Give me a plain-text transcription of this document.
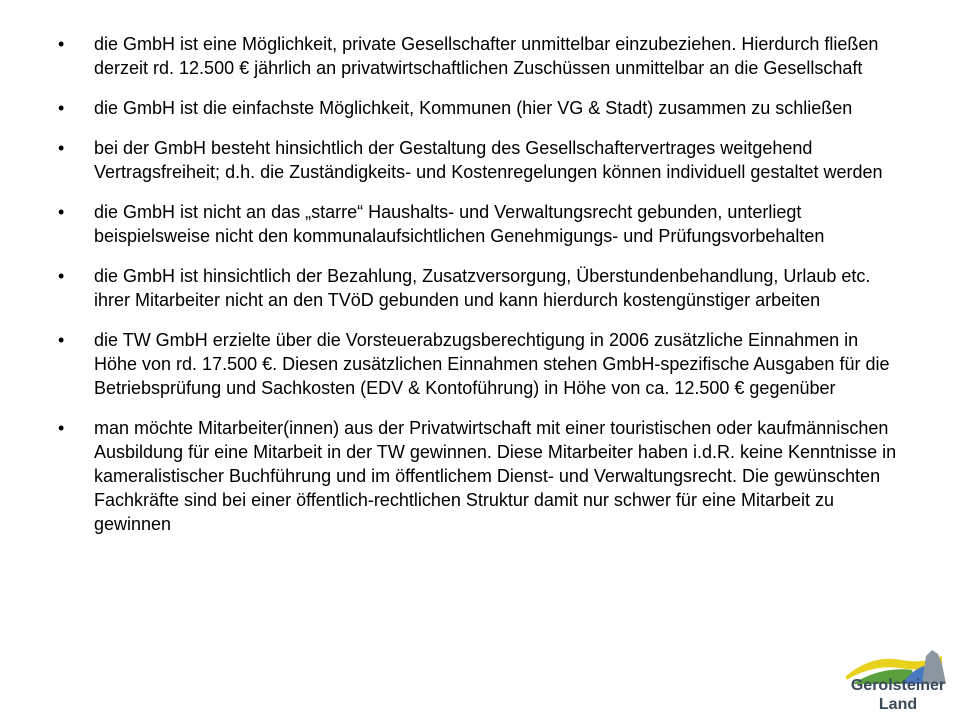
• die GmbH ist eine Möglichkeit, private Gesellschafter unmittelbar einzubeziehen. Hierdurch fließen derzeit rd. 12.500 € jährlich an privatwirtschaftlichen Zuschüssen unmittelbar an die Gesellschaft
• die GmbH ist die einfachste Möglichkeit, Kommunen (hier VG & Stadt) zusammen zu schließen
• bei der GmbH besteht hinsichtlich der Gestaltung des Gesellschaftervertrages weitgehend Vertragsfreiheit; d.h. die Zuständigkeits- und Kostenregelungen können individuell gestaltet werden
• die GmbH ist nicht an das „starre“ Haushalts- und Verwaltungsrecht gebunden, unterliegt beispielsweise nicht den kommunalaufsichtlichen Genehmigungs- und Prüfungsvorbehalten
• die GmbH ist hinsichtlich der Bezahlung, Zusatzversorgung, Überstundenbehandlung, Urlaub etc. ihrer Mitarbeiter nicht an den TVöD gebunden und kann hierdurch kostengünstiger arbeiten
• die TW GmbH erzielte über die Vorsteuerabzugsberechtigung in 2006 zusätzliche Einnahmen in Höhe von rd. 17.500 €. Diesen zusätzlichen Einnahmen stehen GmbH-spezifische Ausgaben für die Betriebsprüfung und Sachkosten (EDV & Kontoführung) in Höhe von ca. 12.500 € gegenüber
• man möchte Mitarbeiter(innen) aus der Privatwirtschaft mit einer touristischen oder kaufmännischen Ausbildung für eine Mitarbeit in der TW gewinnen. Diese Mitarbeiter haben i.d.R. keine Kenntnisse in kameralistischer Buchführung und im öffentlichem Dienst- und Verwaltungsrecht. Die gewünschten Fachkräfte sind bei einer öffentlich-rechtlichen Struktur damit nur schwer für eine Mitarbeit zu gewinnen
Gerolsteiner
Land
